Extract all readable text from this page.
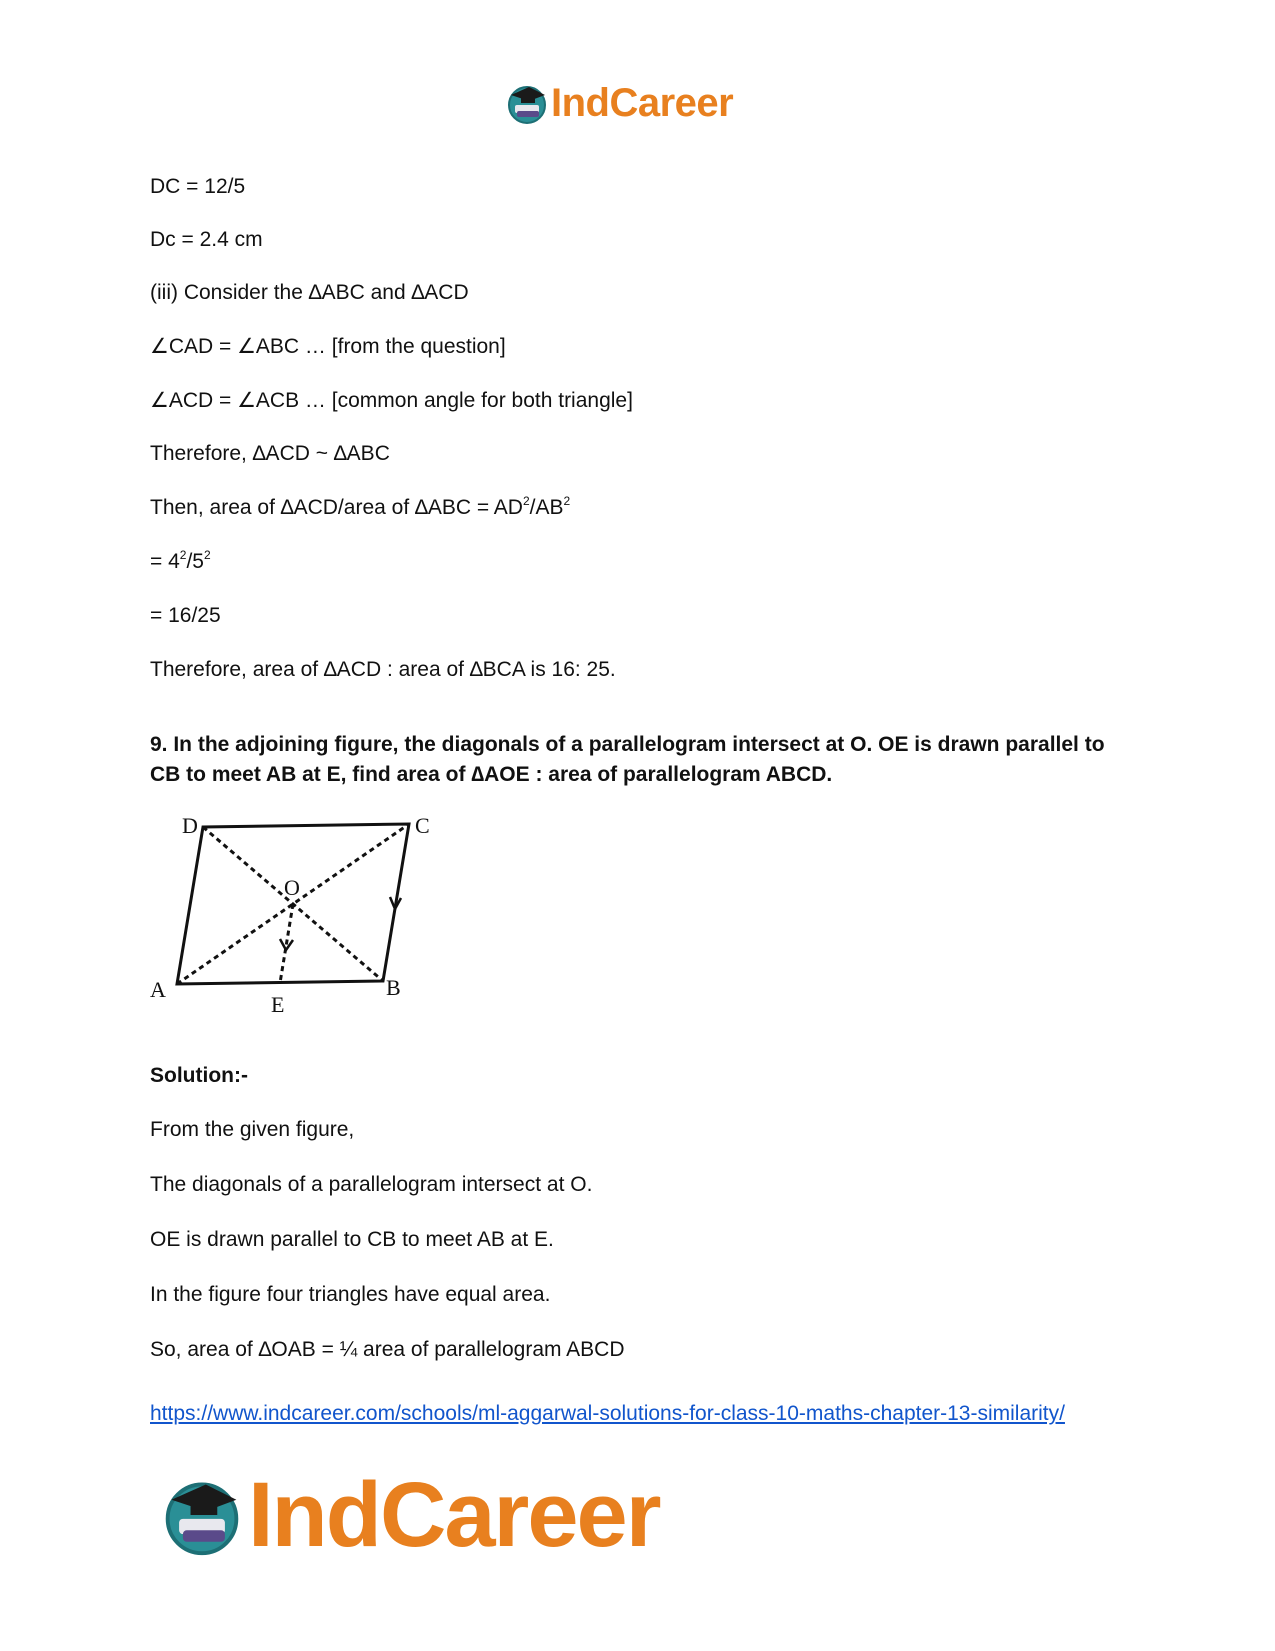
IndCareer
DC = 12/5
Dc = 2.4 cm
(iii) Consider the ∆ABC and ∆ACD
∠CAD = ∠ABC … [from the question]
∠ACD = ∠ACB … [common angle for both triangle]
Therefore, ∆ACD ~ ∆ABC
Then, area of ∆ACD/area of $\Delta ABC = AD^2/AB^2$
= $4^2/5^2$
= 16/25
Therefore, area of ∆ACD : area of ∆BCA is 16: 25.
9. In the adjoining figure, the diagonals of a parallelogram intersect at O. OE is drawn parallel to CB to meet AB at E, find area of ∆AOE : area of parallelogram ABCD.
D	C
O
A	B
E
Solution:-
From the given figure,
The diagonals of a parallelogram intersect at O.
OE is drawn parallel to CB to meet AB at E.
In the figure four triangles have equal area.
So, area of ∆OAB = ¼ area of parallelogram ABCD
https://www.indcareer.com/schools/ml-aggarwal-solutions-for-class-10-maths-chapter-13-similarity/
IndCareer
